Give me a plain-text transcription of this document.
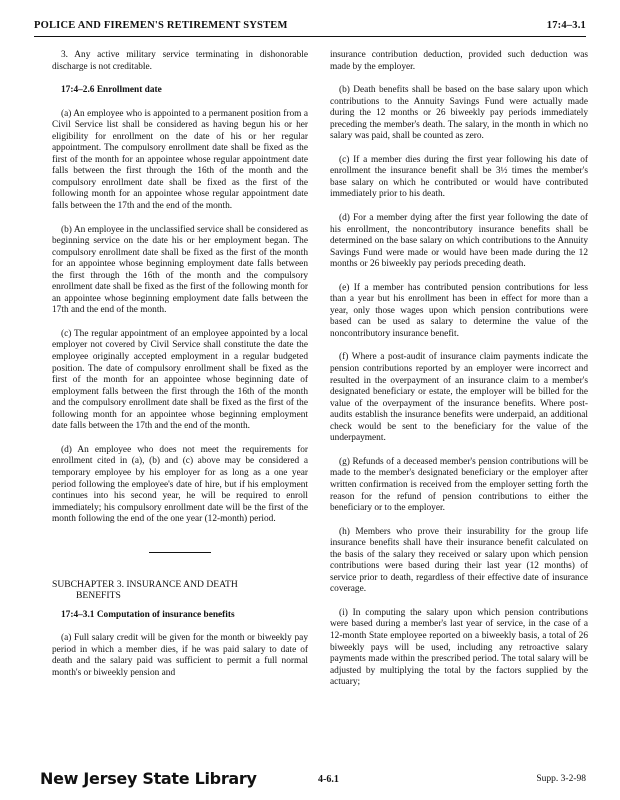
POLICE AND FIREMEN'S RETIREMENT SYSTEM	17:4–3.1

3. Any active military service terminating in dishonorable discharge is not creditable.

17:4–2.6 Enrollment date

(a) An employee who is appointed to a permanent position from a Civil Service list shall be considered as having begun his or her eligibility for enrollment on the date of his or her regular appointment. The compulsory enrollment date shall be fixed as the first of the month for an appointee whose regular appointment date falls between the first through the 16th of the month and the compulsory enrollment date shall be fixed as the first of the following month for an appointee whose regular appointment date falls between the 17th and the end of the month.

(b) An employee in the unclassified service shall be considered as beginning service on the date his or her employment began. The compulsory enrollment date shall be fixed as the first of the month for an appointee whose beginning employment date falls between the first through the 16th of the month and the compulsory enrollment date shall be fixed as the first of the following month for an appointee whose beginning employment date falls between the 17th and the end of the month.

(c) The regular appointment of an employee appointed by a local employer not covered by Civil Service shall constitute the date the employee originally accepted employment in a regular budgeted position. The date of compulsory enrollment shall be fixed as the first of the month for an appointee whose beginning date of employment falls between the first through the 16th of the month and the compulsory enrollment date shall be fixed as the first of the following month for an appointee whose beginning employment date falls between the 17th and the end of the month.

(d) An employee who does not meet the requirements for enrollment cited in (a), (b) and (c) above may be considered a temporary employee by his employer for as long as a one year period following the employee's date of hire, but if his employment continues into his second year, he will be required to enroll immediately; his compulsory enrollment date will be the first of the month following the end of the one year (12-month) period.

SUBCHAPTER 3. INSURANCE AND DEATH
BENEFITS

17:4–3.1 Computation of insurance benefits

(a) Full salary credit will be given for the month or biweekly pay period in which a member dies, if he was paid salary to date of death and the salary paid was sufficient to permit a full normal month's or biweekly pension and

insurance contribution deduction, provided such deduction was made by the employer.

(b) Death benefits shall be based on the base salary upon which contributions to the Annuity Savings Fund were actually made during the 12 months or 26 biweekly pay periods immediately preceding the member's death. The salary, in the month in which no salary was paid, shall be counted as zero.

(c) If a member dies during the first year following his date of enrollment the insurance benefit shall be 3½ times the member's base salary on which he contributed or would have contributed immediately prior to his death.

(d) For a member dying after the first year following the date of his enrollment, the noncontributory insurance benefits shall be determined on the base salary on which contributions to the Annuity Savings Fund were made or would have been made during the 12 months or 26 biweekly pay periods preceding death.

(e) If a member has contributed pension contributions for less than a year but his enrollment has been in effect for more than a year, only those wages upon which pension contributions were based can be used as salary to determine the value of the noncontributory insurance benefit.

(f) Where a post-audit of insurance claim payments indicate the pension contributions reported by an employer were incorrect and resulted in the overpayment of an insurance claim to a member's designated beneficiary or estate, the employer will be billed for the value of the overpayment of the insurance benefits. Where post-audits establish the insurance benefits were underpaid, an additional check would be sent to the beneficiary for the value of the underpayment.

(g) Refunds of a deceased member's pension contributions will be made to the member's designated beneficiary or the employer after written confirmation is received from the employer setting forth the reason for the refund of pension contributions to either the beneficiary or to the employer.

(h) Members who prove their insurability for the group life insurance benefits shall have their insurance benefit calculated on the basis of the salary they received or salary upon which pension contributions were based during their last year (12 months) of service prior to death, regardless of their effective date of insurance coverage.

(i) In computing the salary upon which pension contributions were based during a member's last year of service, in the case of a 12-month State employee reported on a biweekly basis, a total of 26 biweekly pays will be used, including any retroactive salary payments made within the prescribed period. The total salary will be adjusted by multiplying the total by the factors supplied by the actuary;

New Jersey State Library	4-6.1	Supp. 3-2-98
